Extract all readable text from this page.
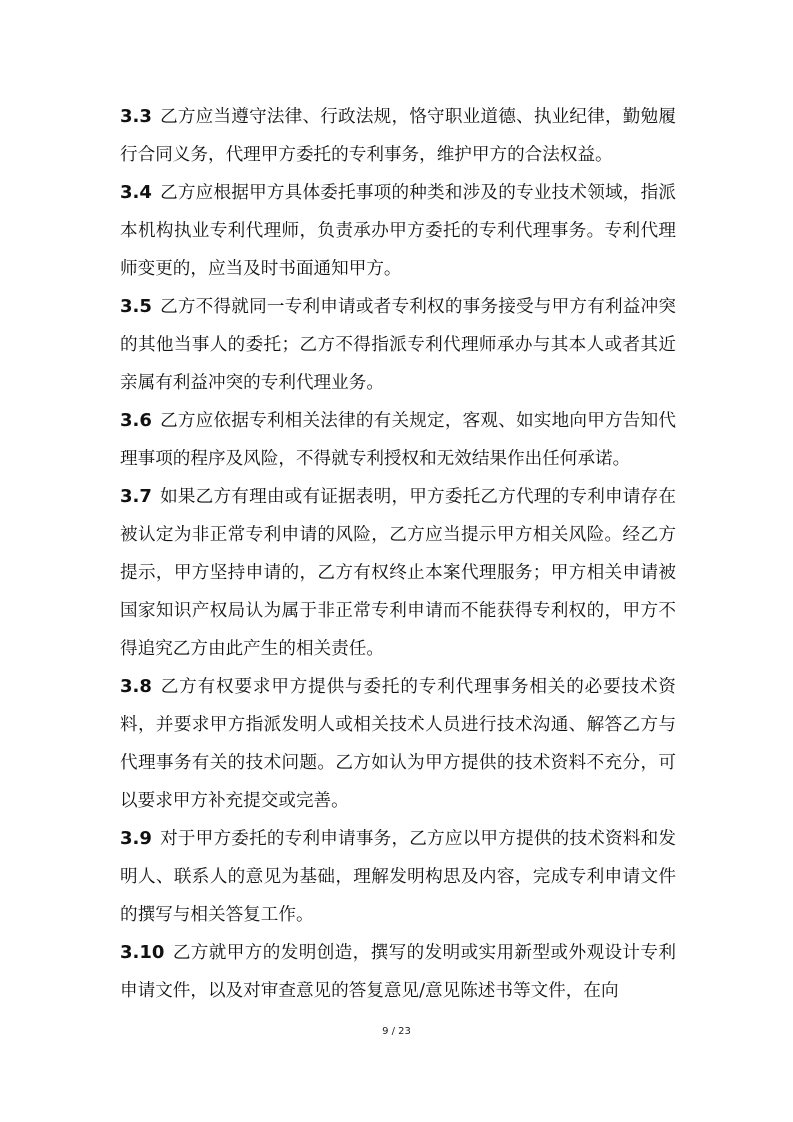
3.3 乙方应当遵守法律、行政法规，恪守职业道德、执业纪律，勤勉履行合同义务，代理甲方委托的专利事务，维护甲方的合法权益。

3.4 乙方应根据甲方具体委托事项的种类和涉及的专业技术领域，指派本机构执业专利代理师，负责承办甲方委托的专利代理事务。专利代理师变更的，应当及时书面通知甲方。

3.5 乙方不得就同一专利申请或者专利权的事务接受与甲方有利益冲突的其他当事人的委托；乙方不得指派专利代理师承办与其本人或者其近亲属有利益冲突的专利代理业务。

3.6 乙方应依据专利相关法律的有关规定，客观、如实地向甲方告知代理事项的程序及风险，不得就专利授权和无效结果作出任何承诺。

3.7 如果乙方有理由或有证据表明，甲方委托乙方代理的专利申请存在被认定为非正常专利申请的风险，乙方应当提示甲方相关风险。经乙方提示，甲方坚持申请的，乙方有权终止本案代理服务；甲方相关申请被国家知识产权局认为属于非正常专利申请而不能获得专利权的，甲方不得追究乙方由此产生的相关责任。

3.8 乙方有权要求甲方提供与委托的专利代理事务相关的必要技术资料，并要求甲方指派发明人或相关技术人员进行技术沟通、解答乙方与代理事务有关的技术问题。乙方如认为甲方提供的技术资料不充分，可以要求甲方补充提交或完善。

3.9 对于甲方委托的专利申请事务，乙方应以甲方提供的技术资料和发明人、联系人的意见为基础，理解发明构思及内容，完成专利申请文件的撰写与相关答复工作。

3.10 乙方就甲方的发明创造，撰写的发明或实用新型或外观设计专利申请文件，以及对审查意见的答复意见/意见陈述书等文件，在向

9 / 23
